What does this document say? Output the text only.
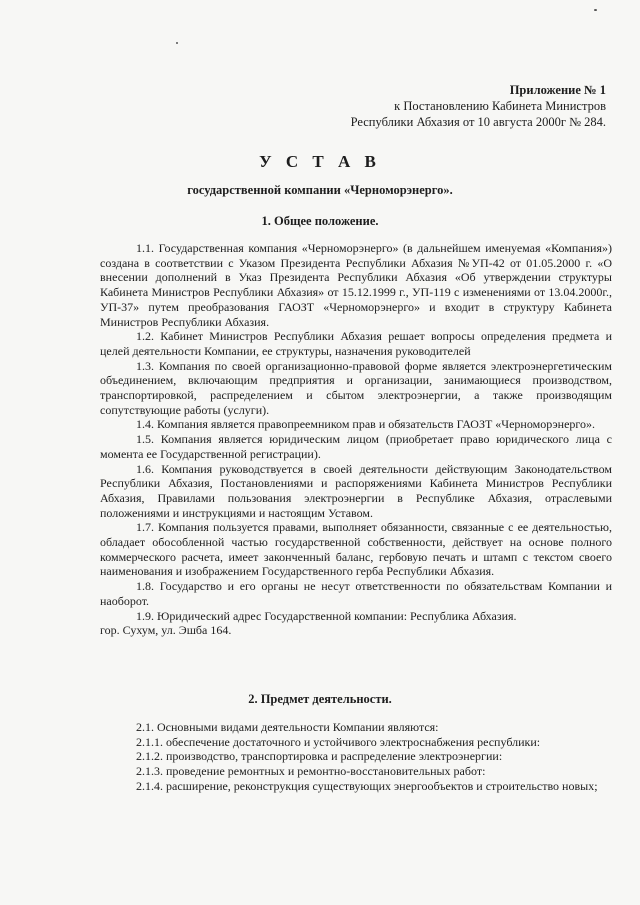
Приложение № 1
к Постановлению Кабинета Министров
Республики Абхазия от 10 августа 2000г № 284.
У С Т А В
государственной компании «Черноморэнерго».
1. Общее положение.

1.1. Государственная компания «Черноморэнерго» (в дальнейшем именуемая «Компания») создана в соответствии с Указом Президента Республики Абхазия №УП-42 от 01.05.2000 г. «О внесении дополнений в Указ Президента Республики Абхазия «Об утверждении структуры Кабинета Министров Республики Абхазия» от 15.12.1999 г., УП-119 с изменениями от 13.04.2000г., УП-37» путем преобразования ГАОЗТ «Черноморэнерго» и входит в структуру Кабинета Министров Республики Абхазия.

1.2. Кабинет Министров Республики Абхазия решает вопросы определения предмета и целей деятельности Компании, ее структуры, назначения руководителей

1.3. Компания по своей организационно-правовой форме является электроэнергетическим объединением, включающим предприятия и организации, занимающиеся производством, транспортировкой, распределением и сбытом электроэнергии, а также производящим сопутствующие работы (услуги).

1.4. Компания является правопреемником прав и обязательств ГАОЗТ «Черноморэнерго».

1.5. Компания является юридическим лицом (приобретает право юридического лица с момента ее Государственной регистрации).

1.6. Компания руководствуется в своей деятельности действующим Законодательством Республики Абхазия, Постановлениями и распоряжениями Кабинета Министров Республики Абхазия, Правилами пользования электроэнергии в Республике Абхазия, отраслевыми положениями и инструкциями и настоящим Уставом.

1.7. Компания пользуется правами, выполняет обязанности, связанные с ее деятельностью, обладает обособленной частью государственной собственности, действует на основе полного коммерческого расчета, имеет законченный баланс, гербовую печать и штамп с текстом своего наименования и изображением Государственного герба Республики Абхазия.

1.8. Государство и его органы не несут ответственности по обязательствам Компании и наоборот.

1.9. Юридический адрес Государственной компании: Республика Абхазия.

гор. Сухум, ул. Эшба 164.

2. Предмет деятельности.

2.1. Основными видами деятельности Компании являются:

2.1.1. обеспечение достаточного и устойчивого электроснабжения республики:

2.1.2. производство, транспортировка и распределение электроэнергии:

2.1.3. проведение ремонтных и ремонтно-восстановительных работ:

2.1.4. расширение, реконструкция существующих энергообъектов и строительство новых;
